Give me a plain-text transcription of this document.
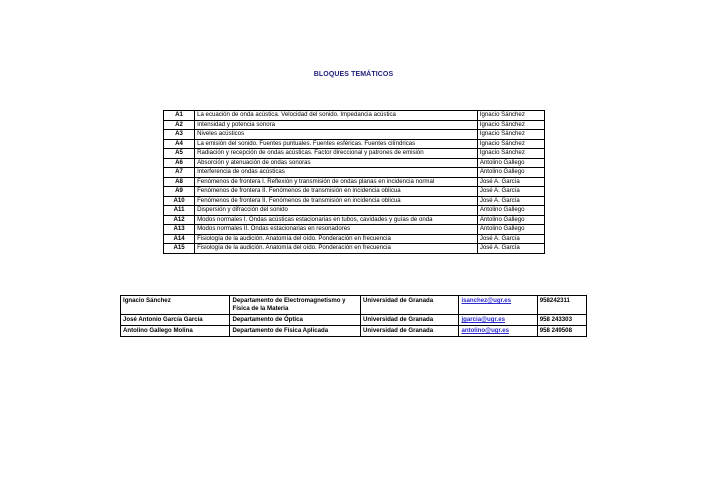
BLOQUES TEMÁTICOS
A1	La ecuación de onda acústica. Velocidad del sonido. Impedancia acústica	Ignacio Sánchez
A2	Intensidad y potencia sonora	Ignacio Sánchez
A3	Niveles acústicos	Ignacio Sánchez
A4	La emisión del sonido. Fuentes puntuales. Fuentes esféricas. Fuentes cilíndricas	Ignacio Sánchez
A5	Radiación y recepción de ondas acústicas. Factor direccional y patrones de emisión	Ignacio Sánchez
A6	Absorción y atenuación de ondas sonoras	Antolino Gallego
A7	Interferencia de ondas acústicas	Antolino Gallego
A8	Fenómenos de frontera I. Reflexión y transmisión de ondas planas en incidencia normal	José A. García
A9	Fenómenos de frontera II. Fenómenos de transmisión en incidencia oblicua	José A. García
A10	Fenómenos de frontera II. Fenómenos de transmisión en incidencia oblicua	José A. García
A11	Dispersión y difracción del sonido	Antolino Gallego
A12	Modos normales I. Ondas acústicas estacionarias en tubos, cavidades y guías de onda	Antolino Gallego
A13	Modos normales II. Ondas estacionarias en resonadores	Antolino Gallego
A14	Fisiología de la audición. Anatomía del oído. Ponderación en frecuencia	José A. García
A15	Fisiología de la audición. Anatomía del oído. Ponderación en frecuencia	José A. García
Ignacio Sánchez	Departamento de Electromagnetismo y Física de la Materia	Universidad de Granada	isanchez@ugr.es	958242311
José Antonio García García	Departamento de Óptica	Universidad de Granada	jgarcia@ugr.es	958 243303
Antolino Gallego Molina	Departamento de Física Aplicada	Universidad de Granada	antolino@ugr.es	958 249508
